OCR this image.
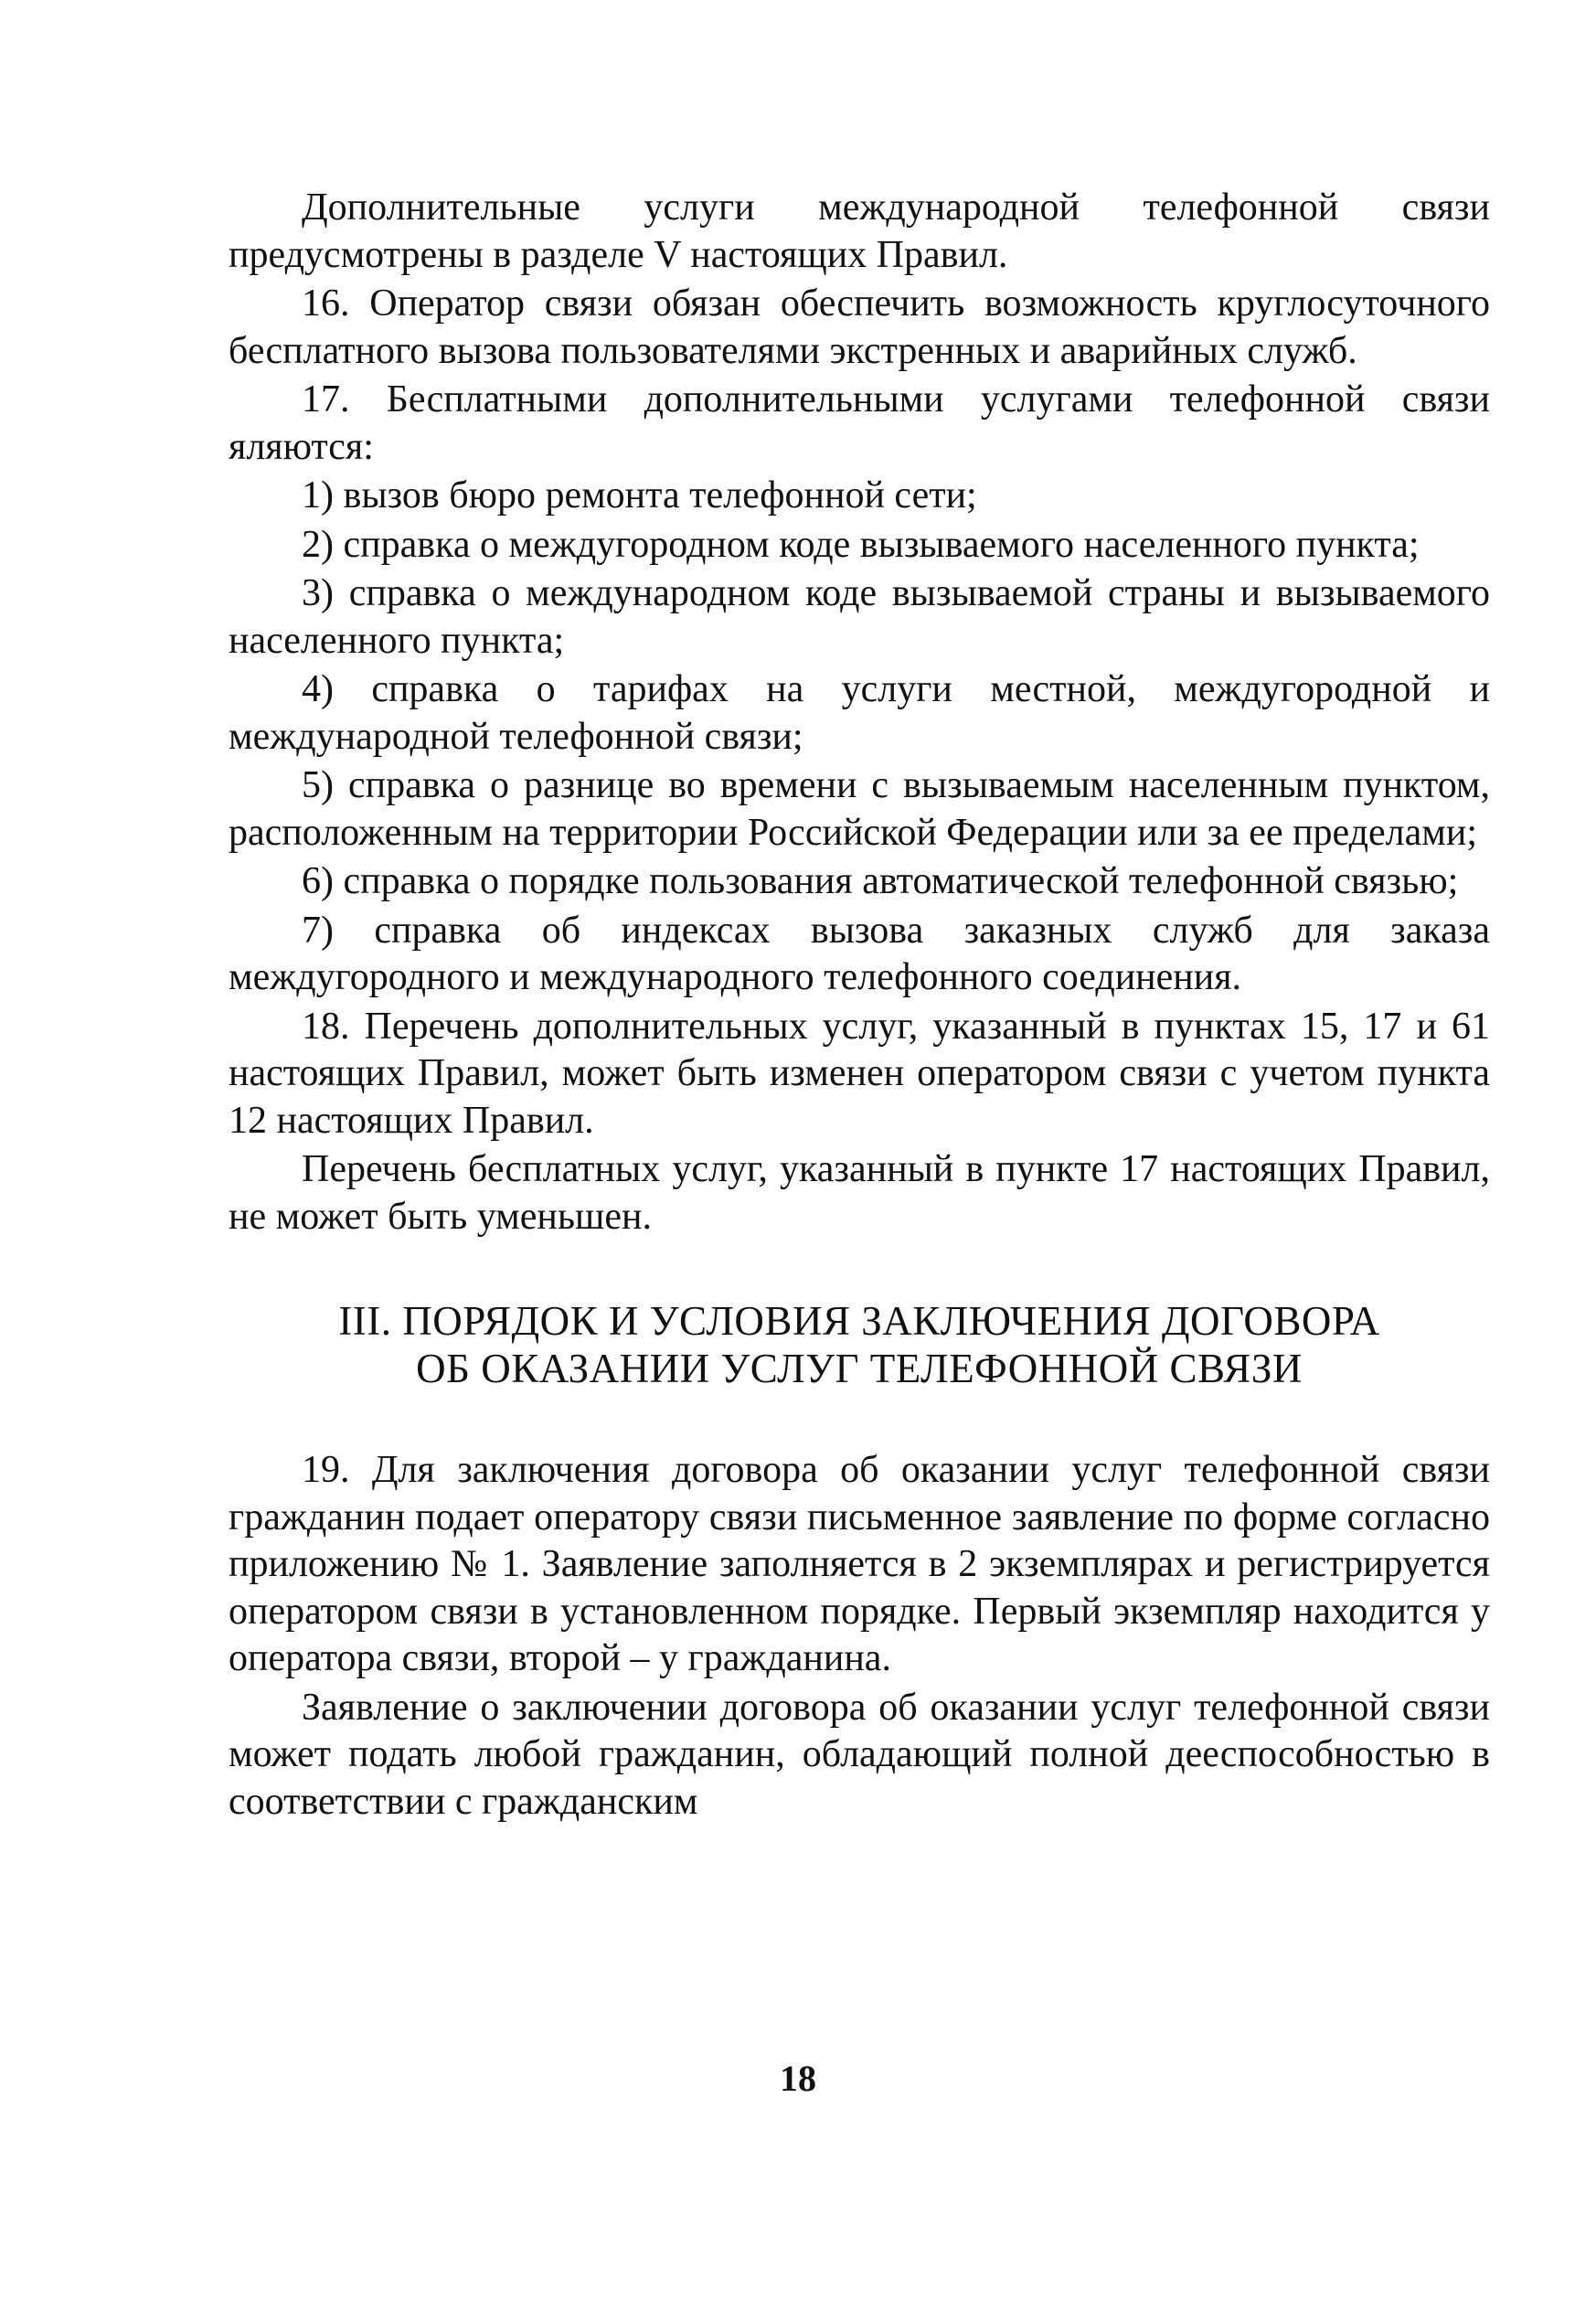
Дополнительные услуги международной телефонной связи предусмотрены в разделе V настоящих Правил.

16. Оператор связи обязан обеспечить возможность круглосуточного бесплатного вызова пользователями экстренных и аварийных служб.

17. Бесплатными дополнительными услугами телефонной связи яляются:

1) вызов бюро ремонта телефонной сети;

2) справка о междугородном коде вызываемого населенного пункта;

3) справка о международном коде вызываемой страны и вызываемого населенного пункта;

4) справка о тарифах на услуги местной, междугородной и международной телефонной связи;

5) справка о разнице во времени с вызываемым населенным пунктом, расположенным на территории Российской Федерации или за ее пределами;

6) справка о порядке пользования автоматической телефонной связью;

7) справка об индексах вызова заказных служб для заказа междугородного и международного телефонного соединения.

18. Перечень дополнительных услуг, указанный в пунктах 15, 17 и 61 настоящих Правил, может быть изменен оператором связи с учетом пункта 12 настоящих Правил.

Перечень бесплатных услуг, указанный в пункте 17 настоящих Правил, не может быть уменьшен.

III. ПОРЯДОК И УСЛОВИЯ ЗАКЛЮЧЕНИЯ ДОГОВОРА
ОБ ОКАЗАНИИ УСЛУГ ТЕЛЕФОННОЙ СВЯЗИ

19. Для заключения договора об оказании услуг телефонной связи гражданин подает оператору связи письменное заявление по форме согласно приложению № 1. Заявление заполняется в 2 экземплярах и регистрируется оператором связи в установленном порядке. Первый экземпляр находится у оператора связи, второй – у гражданина.

Заявление о заключении договора об оказании услуг телефонной связи может подать любой гражданин, обладающий полной дееспособностью в соответствии с гражданским

18
